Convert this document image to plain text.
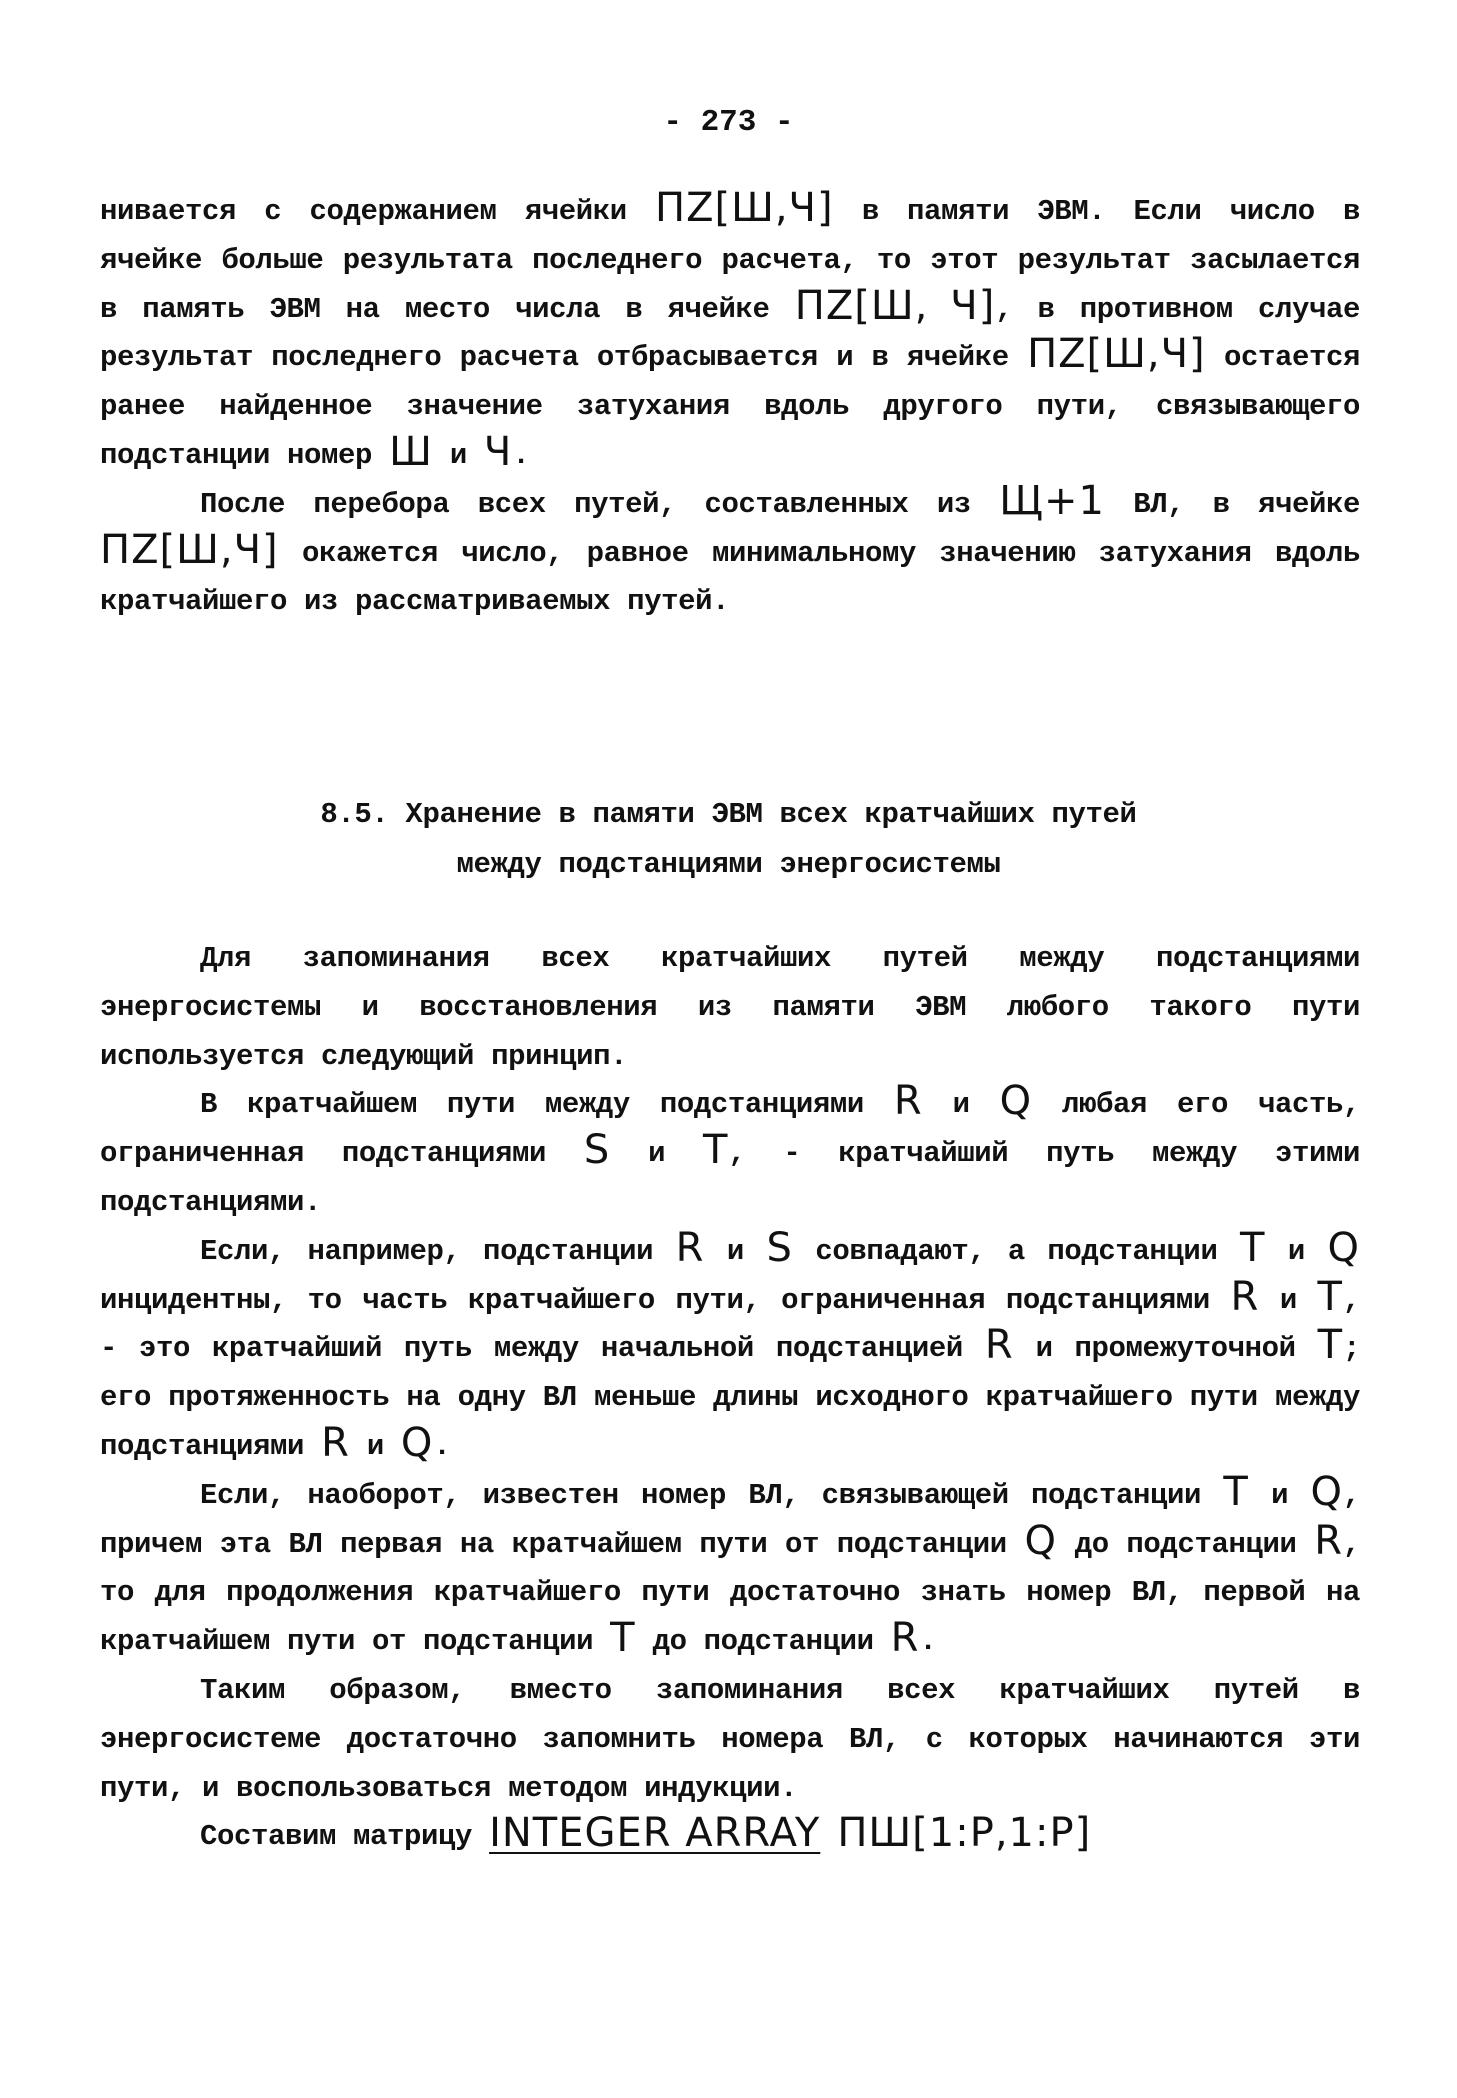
- 273 -

нивается с содержанием ячейки ПZ[Ш,Ч] в памяти ЭВМ. Если число в ячейке больше результата последнего расчета, то этот результат засылается в память ЭВМ на место числа в ячейке ПZ[Ш, Ч], в противном случае результат последнего расчета отбрасывается и в ячейке ПZ[Ш,Ч] остается ранее найденное значение затухания вдоль другого пути, связывающего подстанции номер Ш и Ч.

После перебора всех путей, составленных из Щ+1 ВЛ, в ячейке ПZ[Ш,Ч] окажется число, равное минимальному значению затухания вдоль кратчайшего из рассматриваемых путей.

8.5. Хранение в памяти ЭВМ всех кратчайших путей
между подстанциями энергосистемы

Для запоминания всех кратчайших путей между подстанциями энергосистемы и восстановления из памяти ЭВМ любого такого пути используется следующий принцип.

В кратчайшем пути между подстанциями R и Q любая его часть, ограниченная подстанциями S и T, - кратчайший путь между этими подстанциями.

Если, например, подстанции R и S совпадают, а подстанции T и Q инцидентны, то часть кратчайшего пути, ограниченная подстанциями R и T, - это кратчайший путь между начальной подстанцией R и промежуточной T; его протяженность на одну ВЛ меньше длины исходного кратчайшего пути между подстанциями R и Q.

Если, наоборот, известен номер ВЛ, связывающей подстанции T и Q, причем эта ВЛ первая на кратчайшем пути от подстанции Q до подстанции R, то для продолжения кратчайшего пути достаточно знать номер ВЛ, первой на кратчайшем пути от подстанции T до подстанции R.

Таким образом, вместо запоминания всех кратчайших путей в энергосистеме достаточно запомнить номера ВЛ, с которых начинаются эти пути, и воспользоваться методом индукции.

Составим матрицу INTEGER ARRAY ПШ[1:P,1:P]
